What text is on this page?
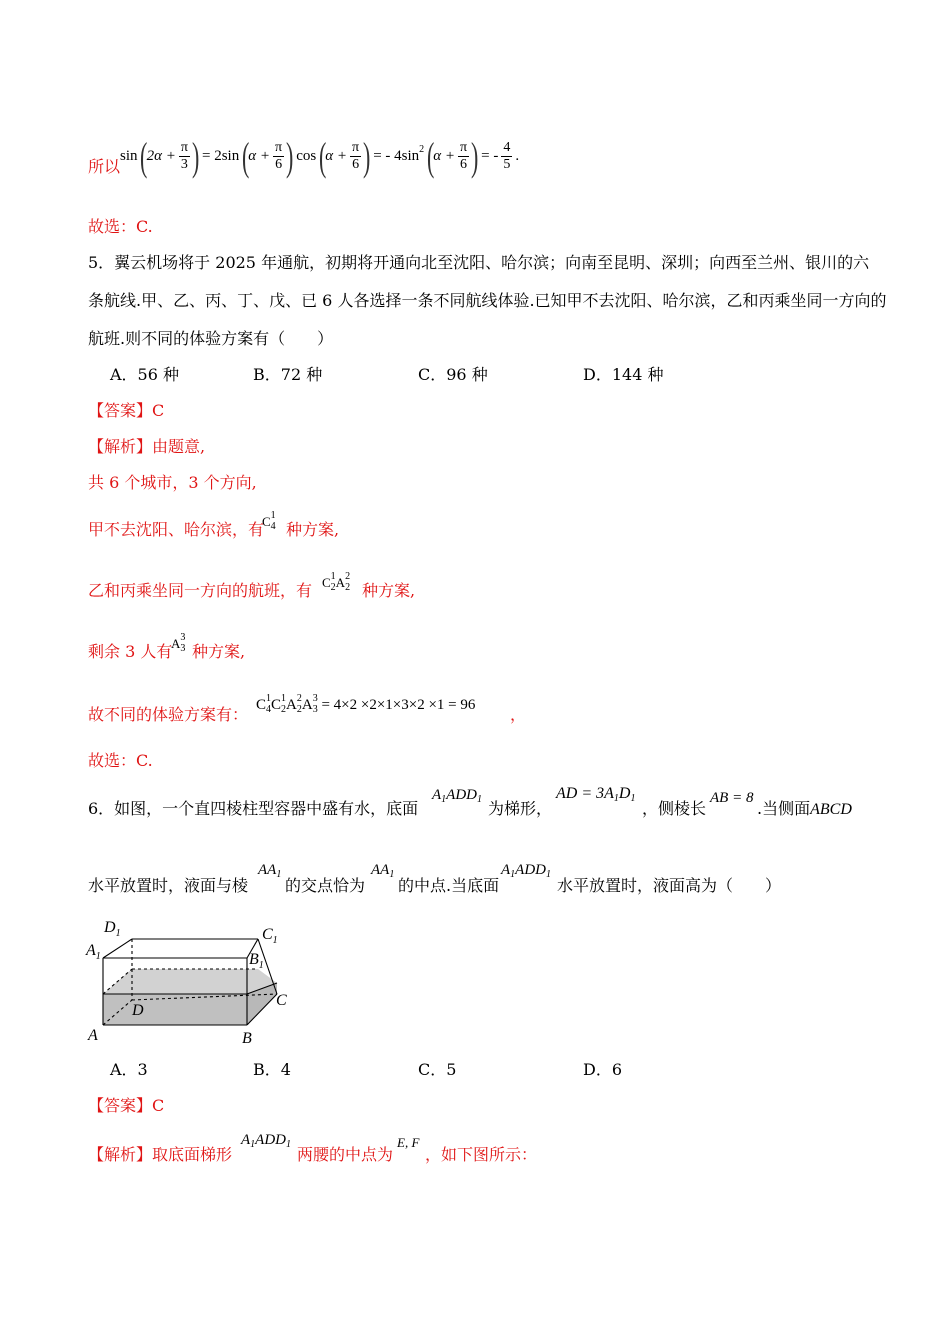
所以
$\sin (2\alpha + \frac{\pi}{3}$ ) = 2sin ($\alpha + \frac{\pi}{6}$ ) $\cos (\alpha + \frac{\pi}{6}$ ) = - $4\sin^2$ ($\alpha + \frac{\pi}{6}$ ) = - $\frac{4}{5}$ .
故选：C.
5．翼云机场将于 2025 年通航，初期将开通向北至沈阳、哈尔滨；向南至昆明、深圳；向西至兰州、银川的六
条航线.甲、乙、丙、丁、戊、已 6 人各选择一条不同航线体验.已知甲不去沈阳、哈尔滨，乙和丙乘坐同一方向的
航班.则不同的体验方案有（　　）
A．56 种	B．72 种	C．96 种	D．144 种
【答案】C
【解析】由题意,
共 6 个城市，3 个方向,
甲不去沈阳、哈尔滨，有
$C^1_4$ 种方案,
乙和丙乘坐同一方向的航班，有 $C^1_2A^2_2$ 种方案,
剩余 3 人有
$A^3_3$ 种方案,
故不同的体验方案有： $C^1_4C^1_2A^2_2A^3_3 = 4\times 2 \times 2\times 1\times 3\times 2 \times 1 = 96$ ，
故选：C.
6．如图，一个直四棱柱型容器中盛有水，底面
$A_1ADD_1$ 为梯形，
AD = $3A_1D_1$
，侧棱长
AB = 8
.当侧面ABCD
水平放置时，液面与棱
$AA_1$
的交点恰为
$AA_1$
的中点.当底面
$A_1ADD_1$
水平放置时，液面高为（　　）
$D_1$	$C_1$
$A_1$	$B_1$
D
C
A	B
A．3	B．4	C．5	D．6
【答案】C
【解析】取底面梯形
$A_1ADD_1$
两腰的中点为
E, F
，如下图所示：
